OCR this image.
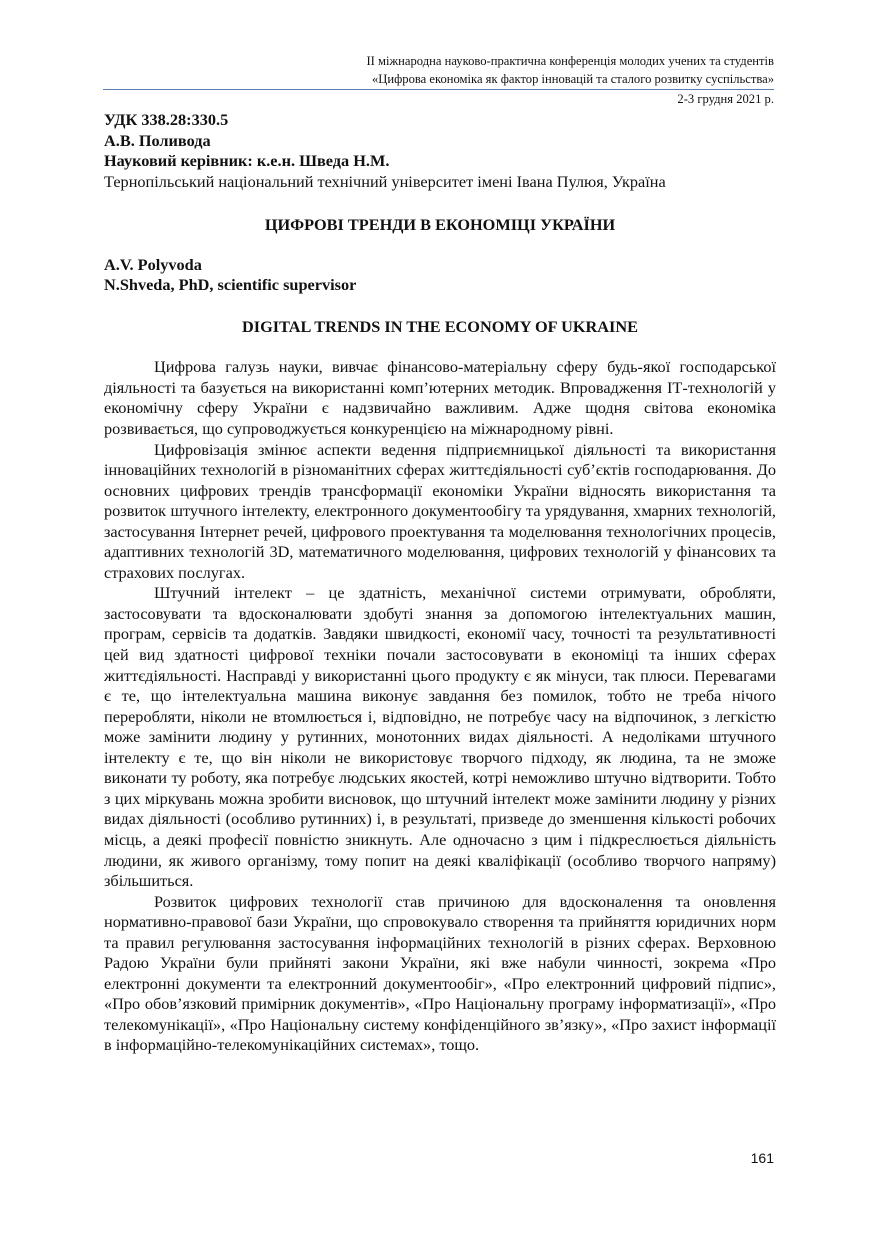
II міжнародна науково-практична конференція молодих учених та студентів
«Цифрова економіка як фактор інновацій та сталого розвитку суспільства»
2-3 грудня 2021 р.

УДК 338.28:330.5

А.В. Поливода

Науковий керівник: к.е.н. Шведа Н.М.

Тернопільський національний технічний університет імені Івана Пулюя, Україна

ЦИФРОВІ ТРЕНДИ В ЕКОНОМІЦІ УКРАЇНИ

A.V. Polyvoda

N.Shveda, PhD, scientific supervisor

DIGITAL TRENDS IN THE ECONOMY OF UKRAINE

Цифрова галузь науки, вивчає фінансово-матеріальну сферу будь-якої господарської діяльності та базується на використанні комп’ютерних методик. Впровадження ІТ-технологій у економічну сферу України є надзвичайно важливим. Адже щодня світова економіка розвивається, що супроводжується конкуренцією на міжнародному рівні.

Цифровізація змінює аспекти ведення підприємницької діяльності та використання інноваційних технологій в різноманітних сферах життєдіяльності суб’єктів господарювання. До основних цифрових трендів трансформації економіки України відносять використання та розвиток штучного інтелекту, електронного документообігу та урядування, хмарних технологій, застосування Інтернет речей, цифрового проектування та моделювання технологічних процесів, адаптивних технологій 3D, математичного моделювання, цифрових технологій у фінансових та страхових послугах.

Штучний інтелект – це здатність, механічної системи отримувати, обробляти, застосовувати та вдосконалювати здобуті знання за допомогою інтелектуальних машин, програм, сервісів та додатків. Завдяки швидкості, економії часу, точності та результативності цей вид здатності цифрової техніки почали застосовувати в економіці та інших сферах життєдіяльності. Насправді у використанні цього продукту є як мінуси, так плюси. Перевагами є те, що інтелектуальна машина виконує завдання без помилок, тобто не треба нічого переробляти, ніколи не втомлюється і, відповідно, не потребує часу на відпочинок, з легкістю може замінити людину у рутинних, монотонних видах діяльності. А недоліками штучного інтелекту є те, що він ніколи не використовує творчого підходу, як людина, та не зможе виконати ту роботу, яка потребує людських якостей, котрі неможливо штучно відтворити. Тобто з цих міркувань можна зробити висновок, що штучний інтелект може замінити людину у різних видах діяльності (особливо рутинних) і, в результаті, призведе до зменшення кількості робочих місць, а деякі професії повністю зникнуть. Але одночасно з цим і підкреслюється діяльність людини, як живого організму, тому попит на деякі кваліфікації (особливо творчого напряму) збільшиться.

Розвиток цифрових технології став причиною для вдосконалення та оновлення нормативно-правової бази України, що спровокувало створення та прийняття юридичних норм та правил регулювання застосування інформаційних технологій в різних сферах. Верховною Радою України були прийняті закони України, які вже набули чинності, зокрема «Про електронні документи та електронний документообіг», «Про електронний цифровий підпис», «Про обов’язковий примірник документів», «Про Національну програму інформатизації», «Про телекомунікації», «Про Національну систему конфіденційного зв’язку», «Про захист інформації в інформаційно-телекомунікаційних системах», тощо.

161
